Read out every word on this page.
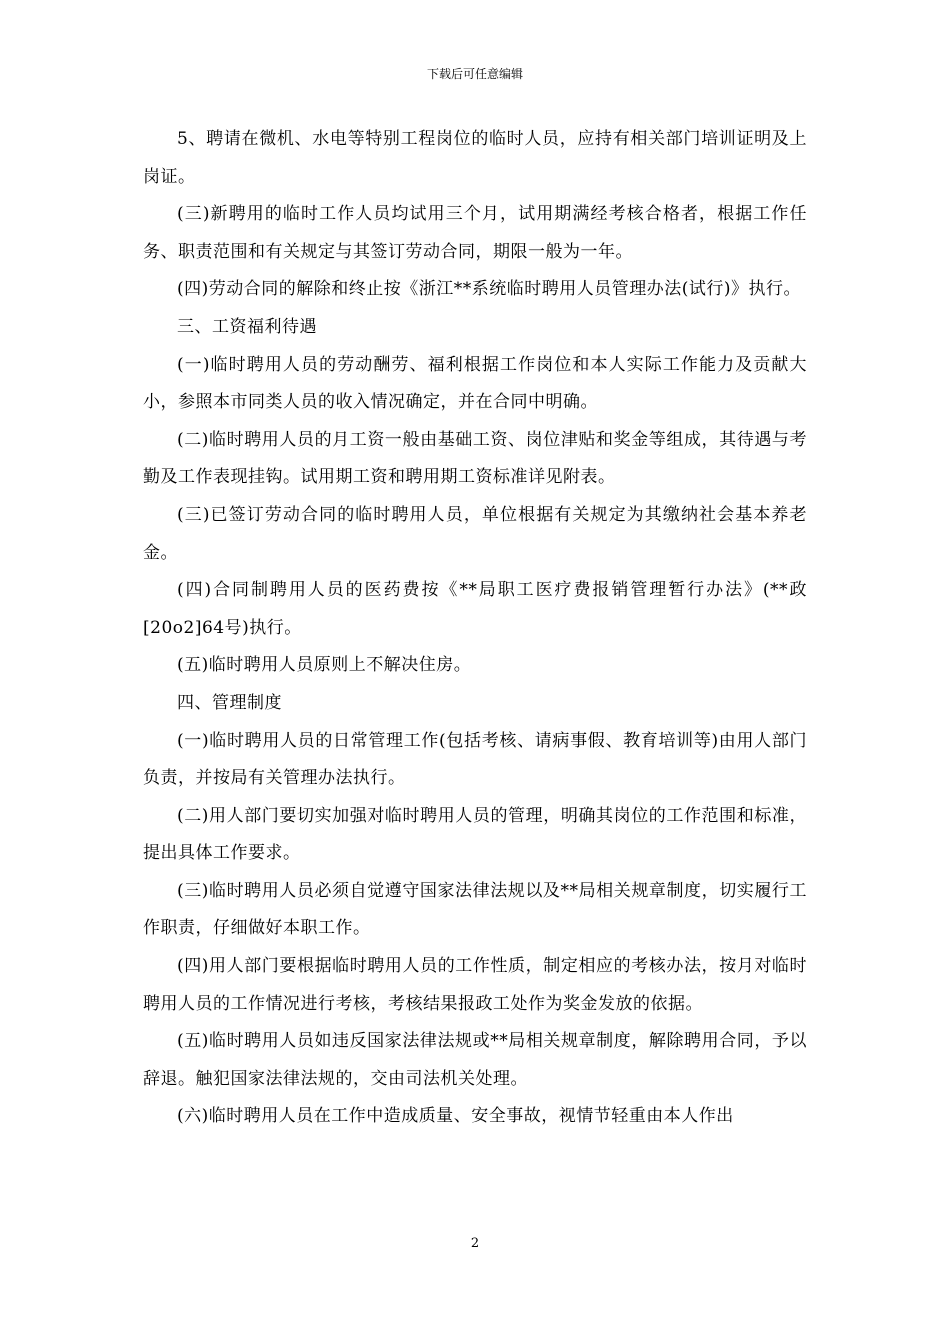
下载后可任意编辑

5、聘请在微机、水电等特别工程岗位的临时人员，应持有相关部门培训证明及上岗证。

(三)新聘用的临时工作人员均试用三个月，试用期满经考核合格者，根据工作任务、职责范围和有关规定与其签订劳动合同，期限一般为一年。

(四)劳动合同的解除和终止按《浙江**系统临时聘用人员管理办法(试行)》执行。

三、工资福利待遇

(一)临时聘用人员的劳动酬劳、福利根据工作岗位和本人实际工作能力及贡献大小，参照本市同类人员的收入情况确定，并在合同中明确。

(二)临时聘用人员的月工资一般由基础工资、岗位津贴和奖金等组成，其待遇与考勤及工作表现挂钩。试用期工资和聘用期工资标准详见附表。

(三)已签订劳动合同的临时聘用人员，单位根据有关规定为其缴纳社会基本养老金。

(四)合同制聘用人员的医药费按《**局职工医疗费报销管理暂行办法》(**政[20o2]64号)执行。

(五)临时聘用人员原则上不解决住房。

四、管理制度

(一)临时聘用人员的日常管理工作(包括考核、请病事假、教育培训等)由用人部门负责，并按局有关管理办法执行。

(二)用人部门要切实加强对临时聘用人员的管理，明确其岗位的工作范围和标准，提出具体工作要求。

(三)临时聘用人员必须自觉遵守国家法律法规以及**局相关规章制度，切实履行工作职责，仔细做好本职工作。

(四)用人部门要根据临时聘用人员的工作性质，制定相应的考核办法，按月对临时聘用人员的工作情况进行考核，考核结果报政工处作为奖金发放的依据。

(五)临时聘用人员如违反国家法律法规或**局相关规章制度，解除聘用合同，予以辞退。触犯国家法律法规的，交由司法机关处理。

(六)临时聘用人员在工作中造成质量、安全事故，视情节轻重由本人作出

2
